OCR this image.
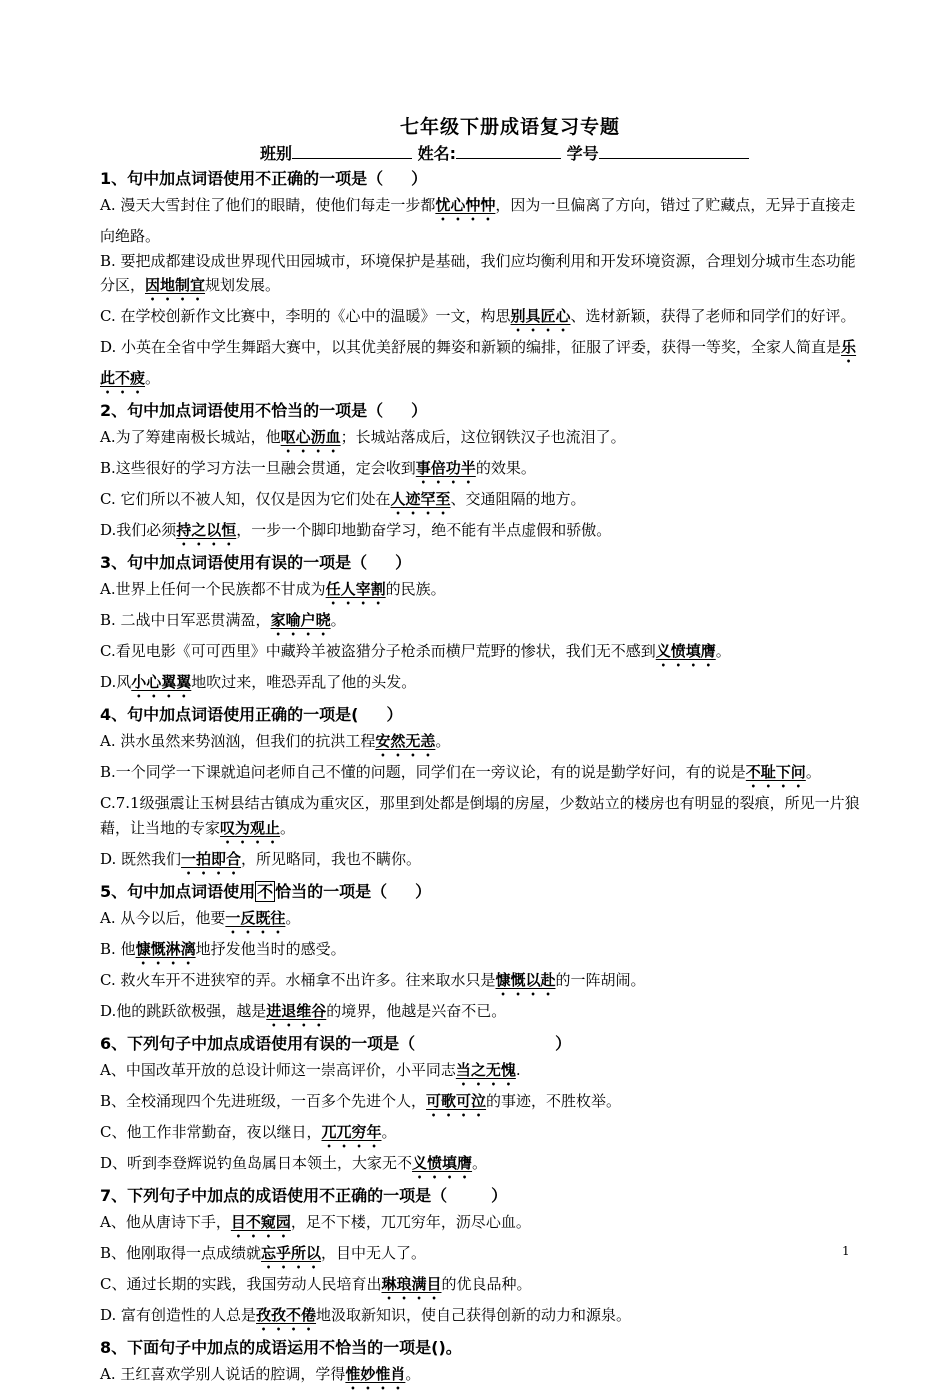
七年级下册成语复习专题
班别	姓名:	学号
1、句中加点词语使用不正确的一项是（ ）
A. 漫天大雪封住了他们的眼睛，使他们每走一步都忧心忡忡，因为一旦偏离了方向，错过了贮藏点，无异于直接走向绝路。
B. 要把成都建设成世界现代田园城市，环境保护是基础，我们应均衡利用和开发环境资源，合理划分城市生态功能分区，因地制宜规划发展。
C. 在学校创新作文比赛中，李明的《心中的温暖》一文，构思别具匠心、选材新颖，获得了老师和同学们的好评。
D. 小英在全省中学生舞蹈大赛中，以其优美舒展的舞姿和新颖的编排，征服了评委，获得一等奖，全家人简直是乐此不疲。
2、句中加点词语使用不恰当的一项是（ ）
A.为了筹建南极长城站，他呕心沥血；长城站落成后，这位钢铁汉子也流泪了。
B.这些很好的学习方法一旦融会贯通，定会收到事倍功半的效果。
C. 它们所以不被人知，仅仅是因为它们处在人迹罕至、交通阻隔的地方。
D.我们必须持之以恒，一步一个脚印地勤奋学习，绝不能有半点虚假和骄傲。
3、句中加点词语使用有误的一项是（ ）
A.世界上任何一个民族都不甘成为任人宰割的民族。
B. 二战中日军恶贯满盈，家喻户晓。
C.看见电影《可可西里》中藏羚羊被盗猎分子枪杀而横尸荒野的惨状，我们无不感到义愤填膺。
D.风小心翼翼地吹过来，唯恐弄乱了他的头发。
4、句中加点词语使用正确的一项是( ）
A. 洪水虽然来势汹汹，但我们的抗洪工程安然无恙。
B.一个同学一下课就追问老师自己不懂的问题，同学们在一旁议论，有的说是勤学好问，有的说是不耻下问。
C.7.1级强震让玉树县结古镇成为重灾区，那里到处都是倒塌的房屋，少数站立的楼房也有明显的裂痕，所见一片狼藉，让当地的专家叹为观止。
D. 既然我们一拍即合，所见略同，我也不瞒你。
5、句中加点词语使用 不 恰当的一项是（ ）
A. 从今以后，他要一反既往。
B. 他慷慨淋漓地抒发他当时的感受。
C. 救火车开不进狭窄的弄。水桶拿不出许多。往来取水只是慷慨以赴的一阵胡闹。
D.他的跳跃欲极强，越是进退维谷的境界，他越是兴奋不已。
6、下列句子中加点成语使用有误的一项是（	）
A、中国改革开放的总设计师这一崇高评价，小平同志当之无愧.
B、全校涌现四个先进班级，一百多个先进个人，可歌可泣的事迹，不胜枚举。
C、他工作非常勤奋，夜以继日，兀兀穷年。
D、听到李登辉说钓鱼岛属日本领土，大家无不义愤填膺。
7、下列句子中加点的成语使用不正确的一项是（	）
A、他从唐诗下手，目不窥园，足不下楼，兀兀穷年，沥尽心血。
B、他刚取得一点成绩就忘乎所以，目中无人了。
C、通过长期的实践，我国劳动人民培育出琳琅满目的优良品种。
D. 富有创造性的人总是孜孜不倦地汲取新知识，使自己获得创新的动力和源泉。
8、下面句子中加点的成语运用不恰当的一项是()。
A. 王红喜欢学别人说话的腔调，学得惟妙惟肖。
1
